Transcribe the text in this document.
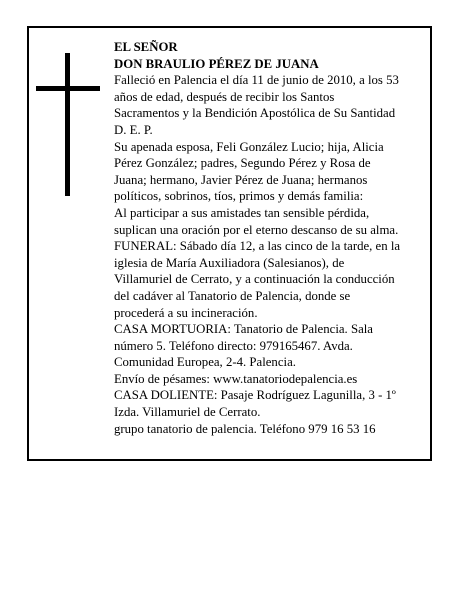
EL SEÑOR
DON BRAULIO PÉREZ DE JUANA
Falleció en Palencia el día 11 de junio de 2010, a los 53
años de edad, después de recibir los Santos
Sacramentos y la Bendición Apostólica de Su Santidad
D. E. P.
Su apenada esposa, Feli González Lucio; hija, Alicia
Pérez González; padres, Segundo Pérez y Rosa de
Juana; hermano, Javier Pérez de Juana; hermanos
políticos, sobrinos, tíos, primos y demás familia:
Al participar a sus amistades tan sensible pérdida,
suplican una oración por el eterno descanso de su alma.
FUNERAL: Sábado día 12, a las cinco de la tarde, en la
iglesia de María Auxiliadora (Salesianos), de
Villamuriel de Cerrato, y a continuación la conducción
del cadáver al Tanatorio de Palencia, donde se
procederá a su incineración.
CASA MORTUORIA: Tanatorio de Palencia. Sala
número 5. Teléfono directo: 979165467. Avda.
Comunidad Europea, 2-4. Palencia.
Envío de pésames: www.tanatoriodepalencia.es
CASA DOLIENTE: Pasaje Rodríguez Lagunilla, 3 - 1º
Izda. Villamuriel de Cerrato.
grupo tanatorio de palencia. Teléfono 979 16 53 16
